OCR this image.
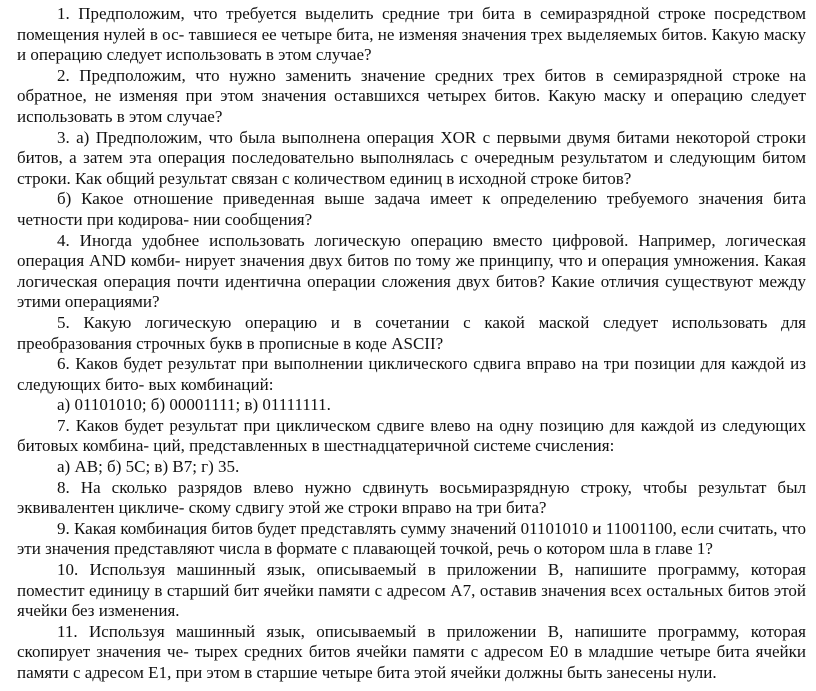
1. Предположим, что требуется выделить средние три бита в семиразрядной строке посредством помещения нулей в ос- тавшиеся ее четыре бита, не изменяя значения трех выделяемых битов. Какую маску и операцию следует использовать в этом случае?

2. Предположим, что нужно заменить значение средних трех битов в семиразрядной строке на обратное, не изменяя при этом значения оставшихся четырех битов. Какую маску и операцию следует использовать в этом случае?

3. а) Предположим, что была выполнена операция XOR с первыми двумя битами некоторой строки битов, а затем эта операция последовательно выполнялась с очередным результатом и следующим битом строки. Как общий результат связан с количеством единиц в исходной строке битов?

б) Какое отношение приведенная выше задача имеет к определению требуемого значения бита четности при кодирова- нии сообщения?

4. Иногда удобнее использовать логическую операцию вместо цифровой. Например, логическая операция AND комби- нирует значения двух битов по тому же принципу, что и операция умножения. Какая логическая операция почти идентична операции сложения двух битов? Какие отличия существуют между этими операциями?

5. Какую логическую операцию и в сочетании с какой маской следует использовать для преобразования строчных букв в прописные в коде ASCII?

6. Каков будет результат при выполнении циклического сдвига вправо на три позиции для каждой из следующих бито- вых комбинаций:

а) 01101010; б) 00001111; в) 01111111.

7. Каков будет результат при циклическом сдвиге влево на одну позицию для каждой из следующих битовых комбина- ций, представленных в шестнадцатеричной системе счисления:

а) AB; б) 5C; в) B7; г) 35.

8. На сколько разрядов влево нужно сдвинуть восьмиразрядную строку, чтобы результат был эквивалентен цикличе- скому сдвигу этой же строки вправо на три бита?

9. Какая комбинация битов будет представлять сумму значений 01101010 и 11001100, если считать, что эти значения представляют числа в формате с плавающей точкой, речь о котором шла в главе 1?

10. Используя машинный язык, описываемый в приложении В, напишите программу, которая поместит единицу в старший бит ячейки памяти с адресом A7, оставив значения всех остальных битов этой ячейки без изменения.

11. Используя машинный язык, описываемый в приложении В, напишите программу, которая скопирует значения че- тырех средних битов ячейки памяти с адресом E0 в младшие четыре бита ячейки памяти с адресом E1, при этом в старшие четыре бита этой ячейки должны быть занесены нули.
